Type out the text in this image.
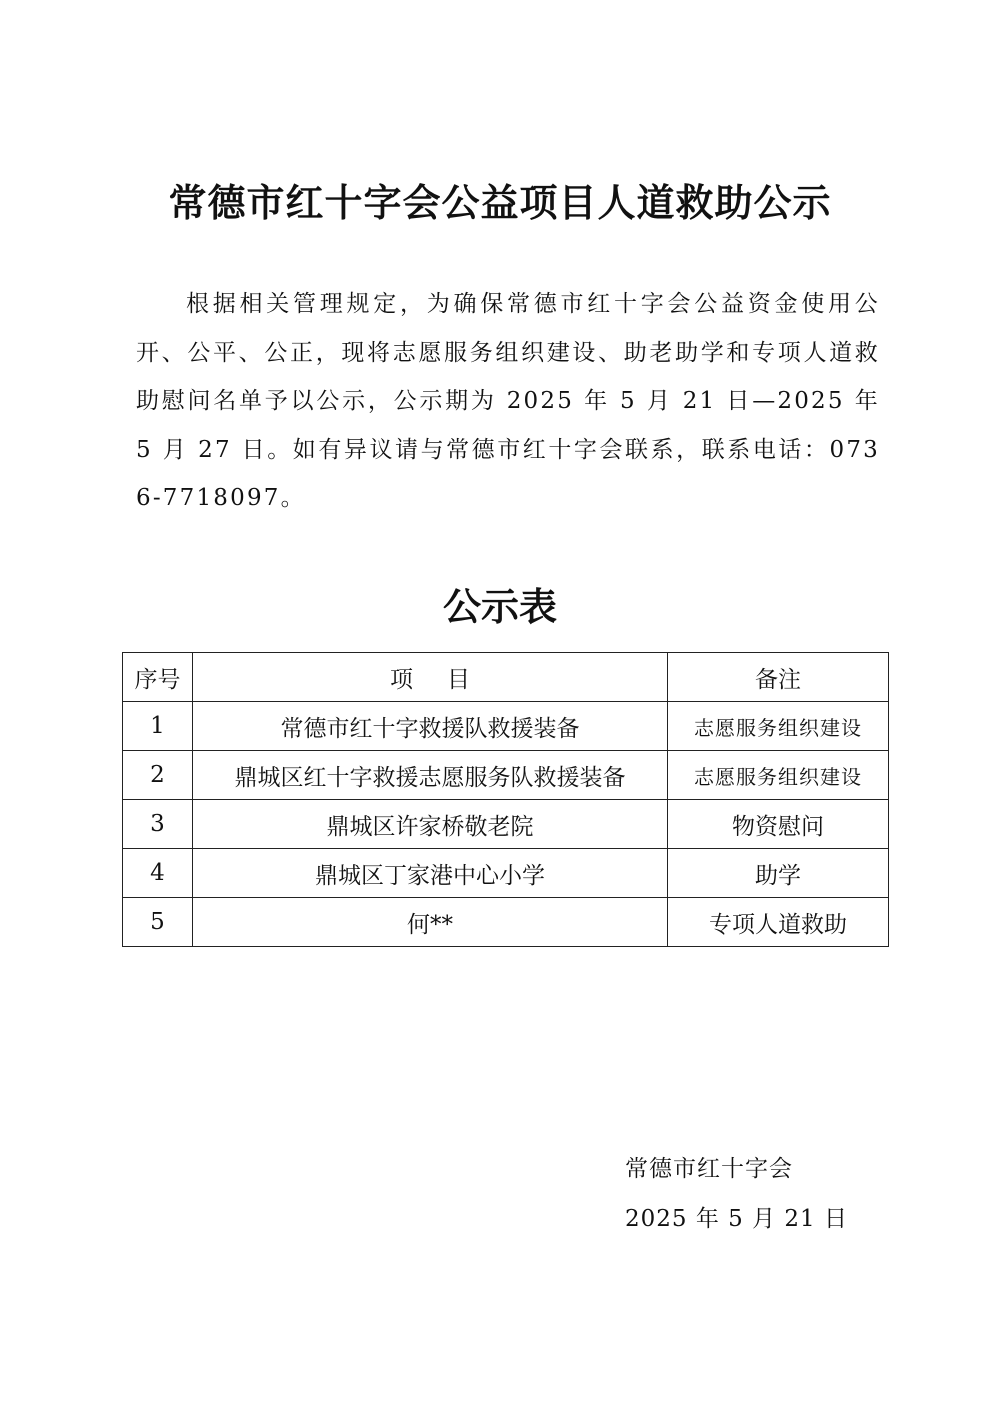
常德市红十字会公益项目人道救助公示
根据相关管理规定，为确保常德市红十字会公益资金使用公开、公平、公正，现将志愿服务组织建设、助老助学和专项人道救助慰问名单予以公示，公示期为 2025 年 5 月 21 日—2025 年 5 月 27 日。如有异议请与常德市红十字会联系，联系电话：0736-7718097。
公示表
序号	项目	备注
1	常德市红十字救援队救援装备	志愿服务组织建设
2	鼎城区红十字救援志愿服务队救援装备	志愿服务组织建设
3	鼎城区许家桥敬老院	物资慰问
4	鼎城区丁家港中心小学	助学
5	何**	专项人道救助
常德市红十字会
2025 年 5 月 21 日
